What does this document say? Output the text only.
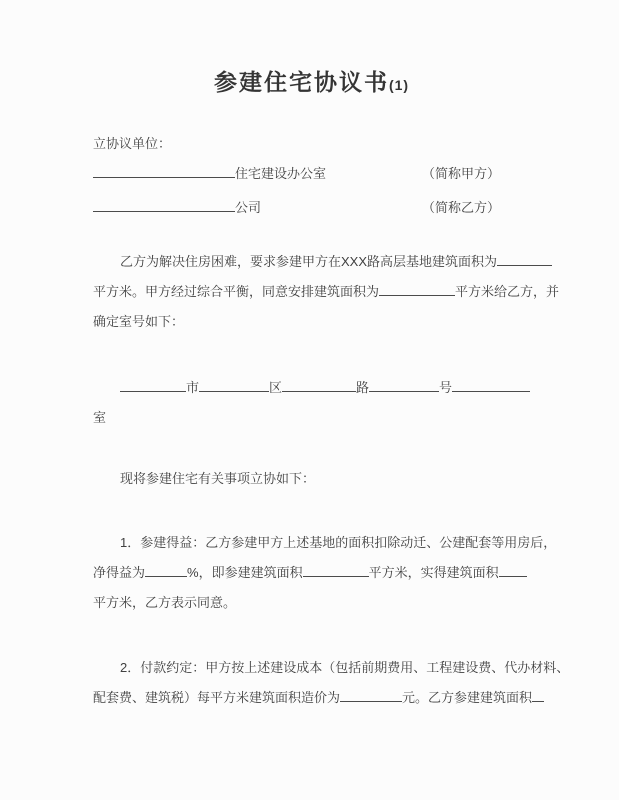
参建住宅协议书(1)
立协议单位：
住宅建设办公室	（简称甲方）
公司	（简称乙方）
乙方为解决住房困难，要求参建甲方在XXX路高层基地建筑面积为
平方米。甲方经过综合平衡，同意安排建筑面积为	平方米给乙方，并
确定室号如下：
市	区	路	号
室
现将参建住宅有关事项立协如下：
1．参建得益：乙方参建甲方上述基地的面积扣除动迁、公建配套等用房后，
净得益为	%，即参建建筑面积	平方米，实得建筑面积
平方米，乙方表示同意。
2．付款约定：甲方按上述建设成本（包括前期费用、工程建设费、代办材料、
配套费、建筑税）每平方米建筑面积造价为	元。乙方参建建筑面积
